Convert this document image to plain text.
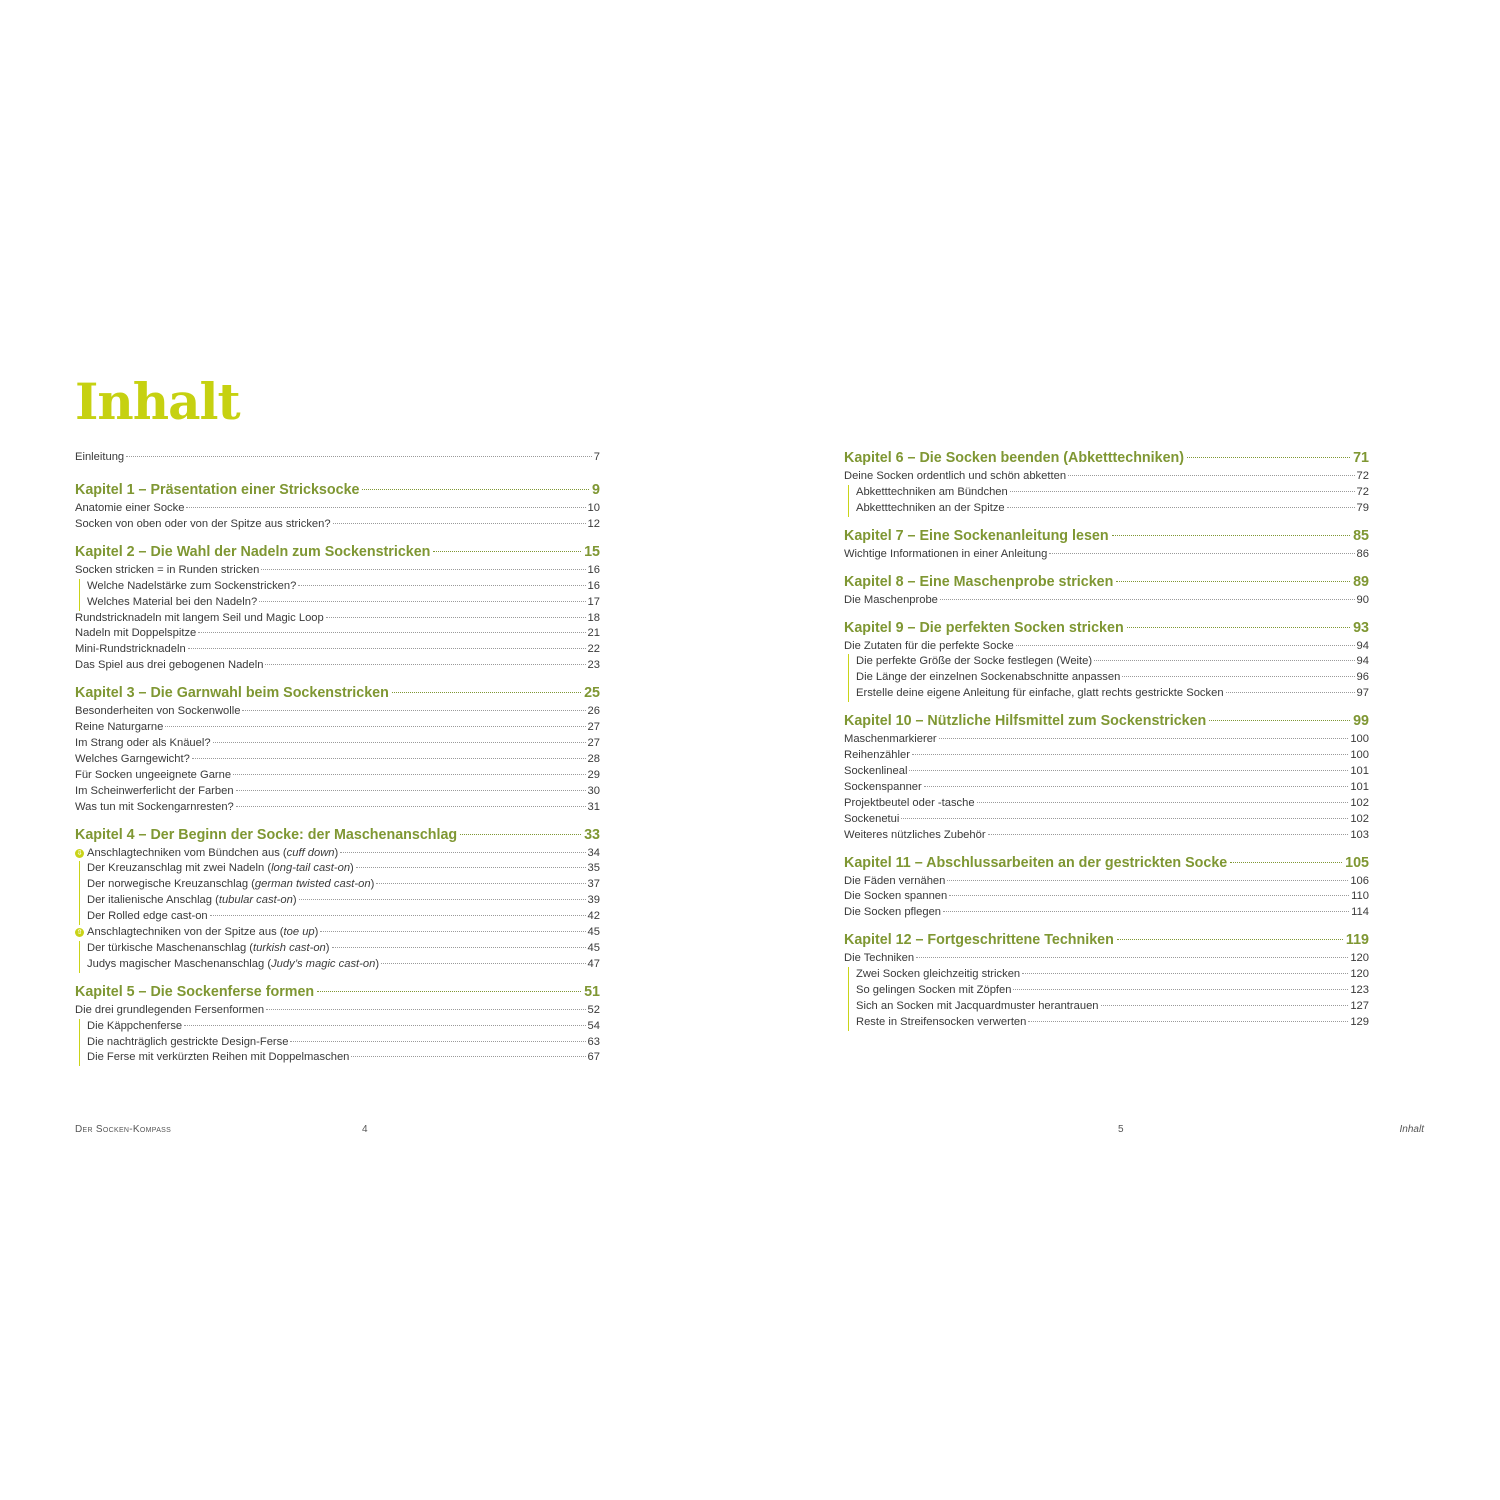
Inhalt
Einleitung	7
Kapitel 1 – Präsentation einer Stricksocke	9
Anatomie einer Socke	10
Socken von oben oder von der Spitze aus stricken?	12
Kapitel 2 – Die Wahl der Nadeln zum Sockenstricken	15
Socken stricken = in Runden stricken	16
Welche Nadelstärke zum Sockenstricken?	16
Welches Material bei den Nadeln?	17
Rundstricknadeln mit langem Seil und Magic Loop	18
Nadeln mit Doppelspitze	21
Mini-Rundstricknadeln	22
Das Spiel aus drei gebogenen Nadeln	23
Kapitel 3 – Die Garnwahl beim Sockenstricken	25
Besonderheiten von Sockenwolle	26
Reine Naturgarne	27
Im Strang oder als Knäuel?	27
Welches Garngewicht?	28
Für Socken ungeeignete Garne	29
Im Scheinwerferlicht der Farben	30
Was tun mit Sockengarnresten?	31
Kapitel 4 – Der Beginn der Socke: der Maschenanschlag	33
⇩ Anschlagtechniken vom Bündchen aus (cuff down)	34
Der Kreuzanschlag mit zwei Nadeln (long-tail cast-on)	35
Der norwegische Kreuzanschlag (german twisted cast-on)	37
Der italienische Anschlag (tubular cast-on)	39
Der Rolled edge cast-on	42
⇧ Anschlagtechniken von der Spitze aus (toe up)	45
Der türkische Maschenanschlag (turkish cast-on)	45
Judys magischer Maschenanschlag (Judy’s magic cast-on)	47
Kapitel 5 – Die Sockenferse formen	51
Die drei grundlegenden Fersenformen	52
Die Käppchenferse	54
Die nachträglich gestrickte Design-Ferse	63
Die Ferse mit verkürzten Reihen mit Doppelmaschen	67
Kapitel 6 – Die Socken beenden (Abketttechniken)	71
Deine Socken ordentlich und schön abketten	72
Abketttechniken am Bündchen	72
Abketttechniken an der Spitze	79
Kapitel 7 – Eine Sockenanleitung lesen	85
Wichtige Informationen in einer Anleitung	86
Kapitel 8 – Eine Maschenprobe stricken	89
Die Maschenprobe	90
Kapitel 9 – Die perfekten Socken stricken	93
Die Zutaten für die perfekte Socke	94
Die perfekte Größe der Socke festlegen (Weite)	94
Die Länge der einzelnen Sockenabschnitte anpassen	96
Erstelle deine eigene Anleitung für einfache, glatt rechts gestrickte Socken	97
Kapitel 10 – Nützliche Hilfsmittel zum Sockenstricken	99
Maschenmarkierer	100
Reihenzähler	100
Sockenlineal	101
Sockenspanner	101
Projektbeutel oder -tasche	102
Sockenetui	102
Weiteres nützliches Zubehör	103
Kapitel 11 – Abschlussarbeiten an der gestrickten Socke	105
Die Fäden vernähen	106
Die Socken spannen	110
Die Socken pflegen	114
Kapitel 12 – Fortgeschrittene Techniken	119
Die Techniken	120
Zwei Socken gleichzeitig stricken	120
So gelingen Socken mit Zöpfen	123
Sich an Socken mit Jacquardmuster herantrauen	127
Reste in Streifensocken verwerten	129
Der Socken-Kompass	4	5	Inhalt
